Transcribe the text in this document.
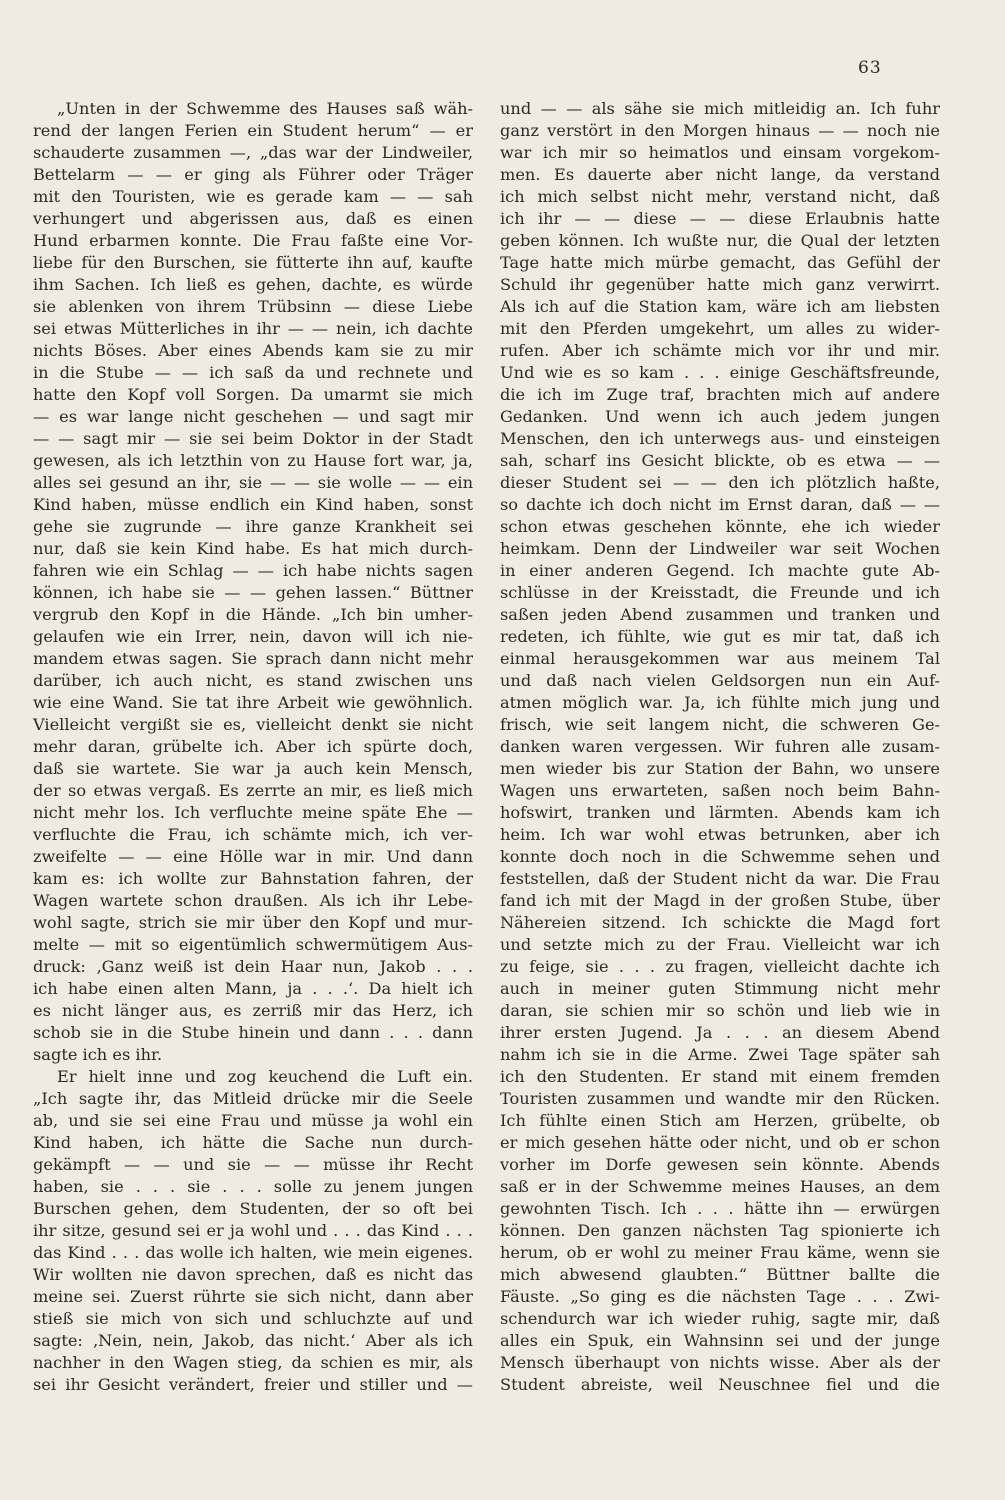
63
„Unten in der Schwemme des Hauses saß wäh-
rend der langen Ferien ein Student herum“ — er
schauderte zusammen —, „das war der Lindweiler,
Bettelarm — — er ging als Führer oder Träger
mit den Touristen, wie es gerade kam — — sah
verhungert und abgerissen aus, daß es einen
Hund erbarmen konnte. Die Frau faßte eine Vor-
liebe für den Burschen, sie fütterte ihn auf, kaufte
ihm Sachen. Ich ließ es gehen, dachte, es würde
sie ablenken von ihrem Trübsinn — diese Liebe
sei etwas Mütterliches in ihr — — nein, ich dachte
nichts Böses. Aber eines Abends kam sie zu mir
in die Stube — — ich saß da und rechnete und
hatte den Kopf voll Sorgen. Da umarmt sie mich
— es war lange nicht geschehen — und sagt mir
— — sagt mir — sie sei beim Doktor in der Stadt
gewesen, als ich letzthin von zu Hause fort war, ja,
alles sei gesund an ihr, sie — — sie wolle — — ein
Kind haben, müsse endlich ein Kind haben, sonst
gehe sie zugrunde — ihre ganze Krankheit sei
nur, daß sie kein Kind habe. Es hat mich durch-
fahren wie ein Schlag — — ich habe nichts sagen
können, ich habe sie — — gehen lassen.“ Büttner
vergrub den Kopf in die Hände. „Ich bin umher-
gelaufen wie ein Irrer, nein, davon will ich nie-
mandem etwas sagen. Sie sprach dann nicht mehr
darüber, ich auch nicht, es stand zwischen uns
wie eine Wand. Sie tat ihre Arbeit wie gewöhnlich.
Vielleicht vergißt sie es, vielleicht denkt sie nicht
mehr daran, grübelte ich. Aber ich spürte doch,
daß sie wartete. Sie war ja auch kein Mensch,
der so etwas vergaß. Es zerrte an mir, es ließ mich
nicht mehr los. Ich verfluchte meine späte Ehe —
verfluchte die Frau, ich schämte mich, ich ver-
zweifelte — — eine Hölle war in mir. Und dann
kam es: ich wollte zur Bahnstation fahren, der
Wagen wartete schon draußen. Als ich ihr Lebe-
wohl sagte, strich sie mir über den Kopf und mur-
melte — mit so eigentümlich schwermütigem Aus-
druck: ‚Ganz weiß ist dein Haar nun, Jakob . . .
ich habe einen alten Mann, ja . . .‘. Da hielt ich
es nicht länger aus, es zerriß mir das Herz, ich
schob sie in die Stube hinein und dann . . . dann
sagte ich es ihr.
Er hielt inne und zog keuchend die Luft ein.
„Ich sagte ihr, das Mitleid drücke mir die Seele
ab, und sie sei eine Frau und müsse ja wohl ein
Kind haben, ich hätte die Sache nun durch-
gekämpft — — und sie — — müsse ihr Recht
haben, sie . . . sie . . . solle zu jenem jungen
Burschen gehen, dem Studenten, der so oft bei
ihr sitze, gesund sei er ja wohl und . . . das Kind . . .
das Kind . . . das wolle ich halten, wie mein eigenes.
Wir wollten nie davon sprechen, daß es nicht das
meine sei. Zuerst rührte sie sich nicht, dann aber
stieß sie mich von sich und schluchzte auf und
sagte: ‚Nein, nein, Jakob, das nicht.‘ Aber als ich
nachher in den Wagen stieg, da schien es mir, als
sei ihr Gesicht verändert, freier und stiller und —
und — — als sähe sie mich mitleidig an. Ich fuhr
ganz verstört in den Morgen hinaus — — noch nie
war ich mir so heimatlos und einsam vorgekom-
men. Es dauerte aber nicht lange, da verstand
ich mich selbst nicht mehr, verstand nicht, daß
ich ihr — — diese — — diese Erlaubnis hatte
geben können. Ich wußte nur, die Qual der letzten
Tage hatte mich mürbe gemacht, das Gefühl der
Schuld ihr gegenüber hatte mich ganz verwirrt.
Als ich auf die Station kam, wäre ich am liebsten
mit den Pferden umgekehrt, um alles zu wider-
rufen. Aber ich schämte mich vor ihr und mir.
Und wie es so kam . . . einige Geschäftsfreunde,
die ich im Zuge traf, brachten mich auf andere
Gedanken. Und wenn ich auch jedem jungen
Menschen, den ich unterwegs aus- und einsteigen
sah, scharf ins Gesicht blickte, ob es etwa — —
dieser Student sei — — den ich plötzlich haßte,
so dachte ich doch nicht im Ernst daran, daß — —
schon etwas geschehen könnte, ehe ich wieder
heimkam. Denn der Lindweiler war seit Wochen
in einer anderen Gegend. Ich machte gute Ab-
schlüsse in der Kreisstadt, die Freunde und ich
saßen jeden Abend zusammen und tranken und
redeten, ich fühlte, wie gut es mir tat, daß ich
einmal herausgekommen war aus meinem Tal
und daß nach vielen Geldsorgen nun ein Auf-
atmen möglich war. Ja, ich fühlte mich jung und
frisch, wie seit langem nicht, die schweren Ge-
danken waren vergessen. Wir fuhren alle zusam-
men wieder bis zur Station der Bahn, wo unsere
Wagen uns erwarteten, saßen noch beim Bahn-
hofswirt, tranken und lärmten. Abends kam ich
heim. Ich war wohl etwas betrunken, aber ich
konnte doch noch in die Schwemme sehen und
feststellen, daß der Student nicht da war. Die Frau
fand ich mit der Magd in der großen Stube, über
Nähereien sitzend. Ich schickte die Magd fort
und setzte mich zu der Frau. Vielleicht war ich
zu feige, sie . . . zu fragen, vielleicht dachte ich
auch in meiner guten Stimmung nicht mehr
daran, sie schien mir so schön und lieb wie in
ihrer ersten Jugend. Ja . . . an diesem Abend
nahm ich sie in die Arme. Zwei Tage später sah
ich den Studenten. Er stand mit einem fremden
Touristen zusammen und wandte mir den Rücken.
Ich fühlte einen Stich am Herzen, grübelte, ob
er mich gesehen hätte oder nicht, und ob er schon
vorher im Dorfe gewesen sein könnte. Abends
saß er in der Schwemme meines Hauses, an dem
gewohnten Tisch. Ich . . . hätte ihn — erwürgen
können. Den ganzen nächsten Tag spionierte ich
herum, ob er wohl zu meiner Frau käme, wenn sie
mich abwesend glaubten.“ Büttner ballte die
Fäuste. „So ging es die nächsten Tage . . . Zwi-
schendurch war ich wieder ruhig, sagte mir, daß
alles ein Spuk, ein Wahnsinn sei und der junge
Mensch überhaupt von nichts wisse. Aber als der
Student abreiste, weil Neuschnee fiel und die
